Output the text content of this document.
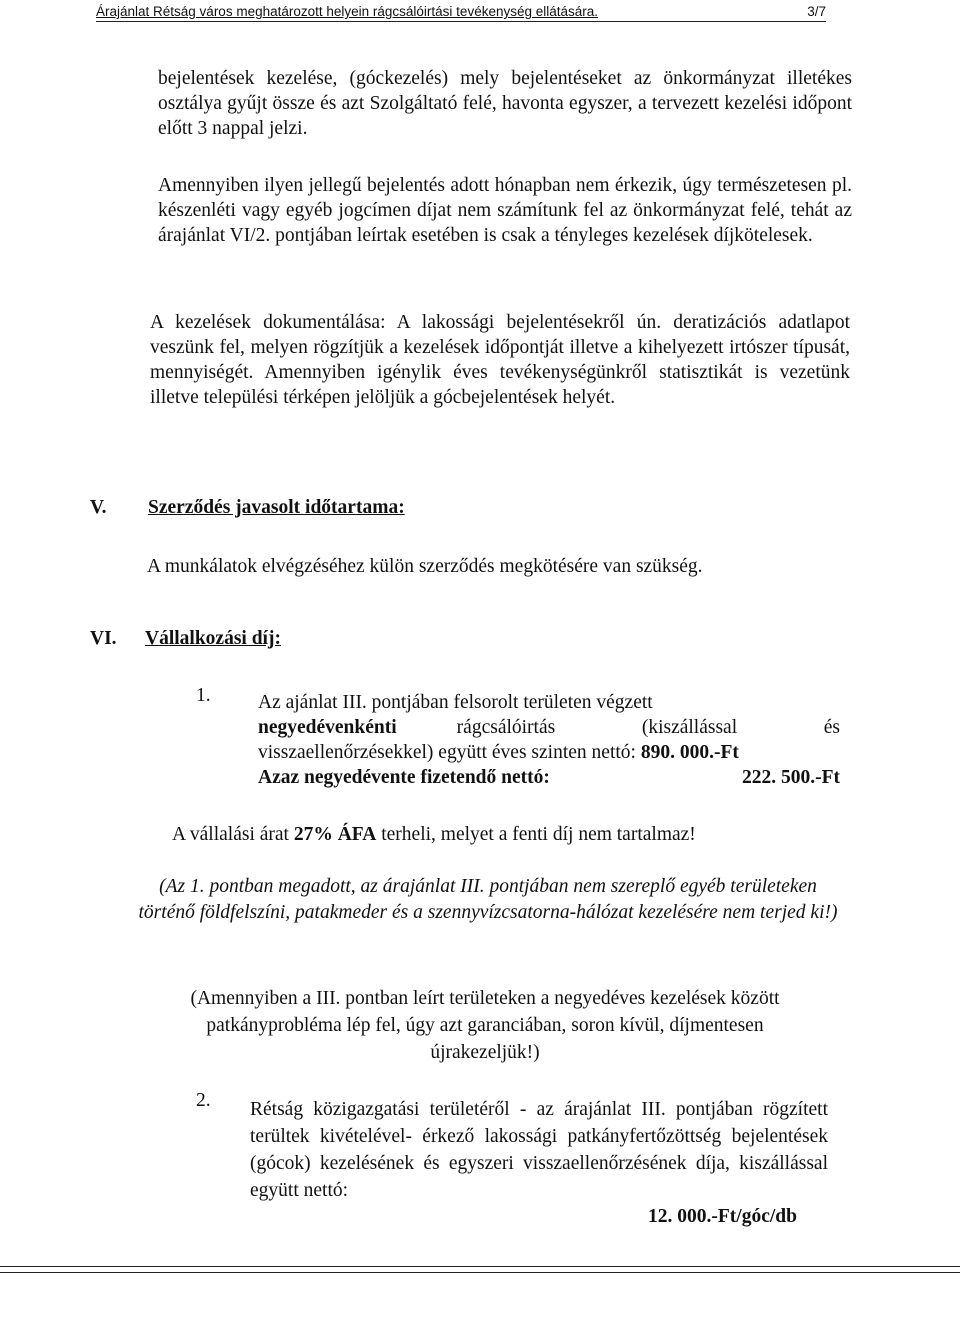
Árajánlat Rétság város meghatározott helyein rágcsálóirtási tevékenység ellátására.	3/7
bejelentések kezelése, (góckezelés) mely bejelentéseket az önkormányzat illetékes osztálya gyűjt össze és azt Szolgáltató felé, havonta egyszer, a tervezett kezelési időpont előtt 3 nappal jelzi.
Amennyiben ilyen jellegű bejelentés adott hónapban nem érkezik, úgy természetesen pl. készenléti vagy egyéb jogcímen díjat nem számítunk fel az önkormányzat felé, tehát az árajánlat VI/2. pontjában leírtak esetében is csak a tényleges kezelések díjkötelesek.
A kezelések dokumentálása: A lakossági bejelentésekről ún. deratizációs adatlapot veszünk fel, melyen rögzítjük a kezelések időpontját illetve a kihelyezett irtószer típusát, mennyiségét. Amennyiben igénylik éves tevékenységünkről statisztikát is vezetünk illetve települési térképen jelöljük a gócbejelentések helyét.
V. Szerződés javasolt időtartama:
A munkálatok elvégzéséhez külön szerződés megkötésére van szükség.
VI. Vállalkozási díj:
1. Az ajánlat III. pontjában felsorolt területen végzett
negyedévenkénti	rágcsálóirtás (kiszállással és
visszaellenőrzésekkel) együtt éves szinten nettó: 890. 000.-Ft
Azaz negyedévente fizetendő nettó:	222. 500.-Ft
A vállalási árat 27% ÁFA terheli, melyet a fenti díj nem tartalmaz!
(Az 1. pontban megadott, az árajánlat III. pontjában nem szereplő egyéb területeken történő földfelszíni, patakmeder és a szennyvízcsatorna-hálózat kezelésére nem terjed ki!)
(Amennyiben a III. pontban leírt területeken a negyedéves kezelések között patkányprobléma lép fel, úgy azt garanciában, soron kívül, díjmentesen újrakezeljük!)
2. Rétság közigazgatási területéről - az árajánlat III. pontjában rögzített terültek kivételével- érkező lakossági patkányfertőzöttség bejelentések (gócok) kezelésének és egyszeri visszaellenőrzésének díja, kiszállással együtt nettó:
12. 000.-Ft/góc/db
